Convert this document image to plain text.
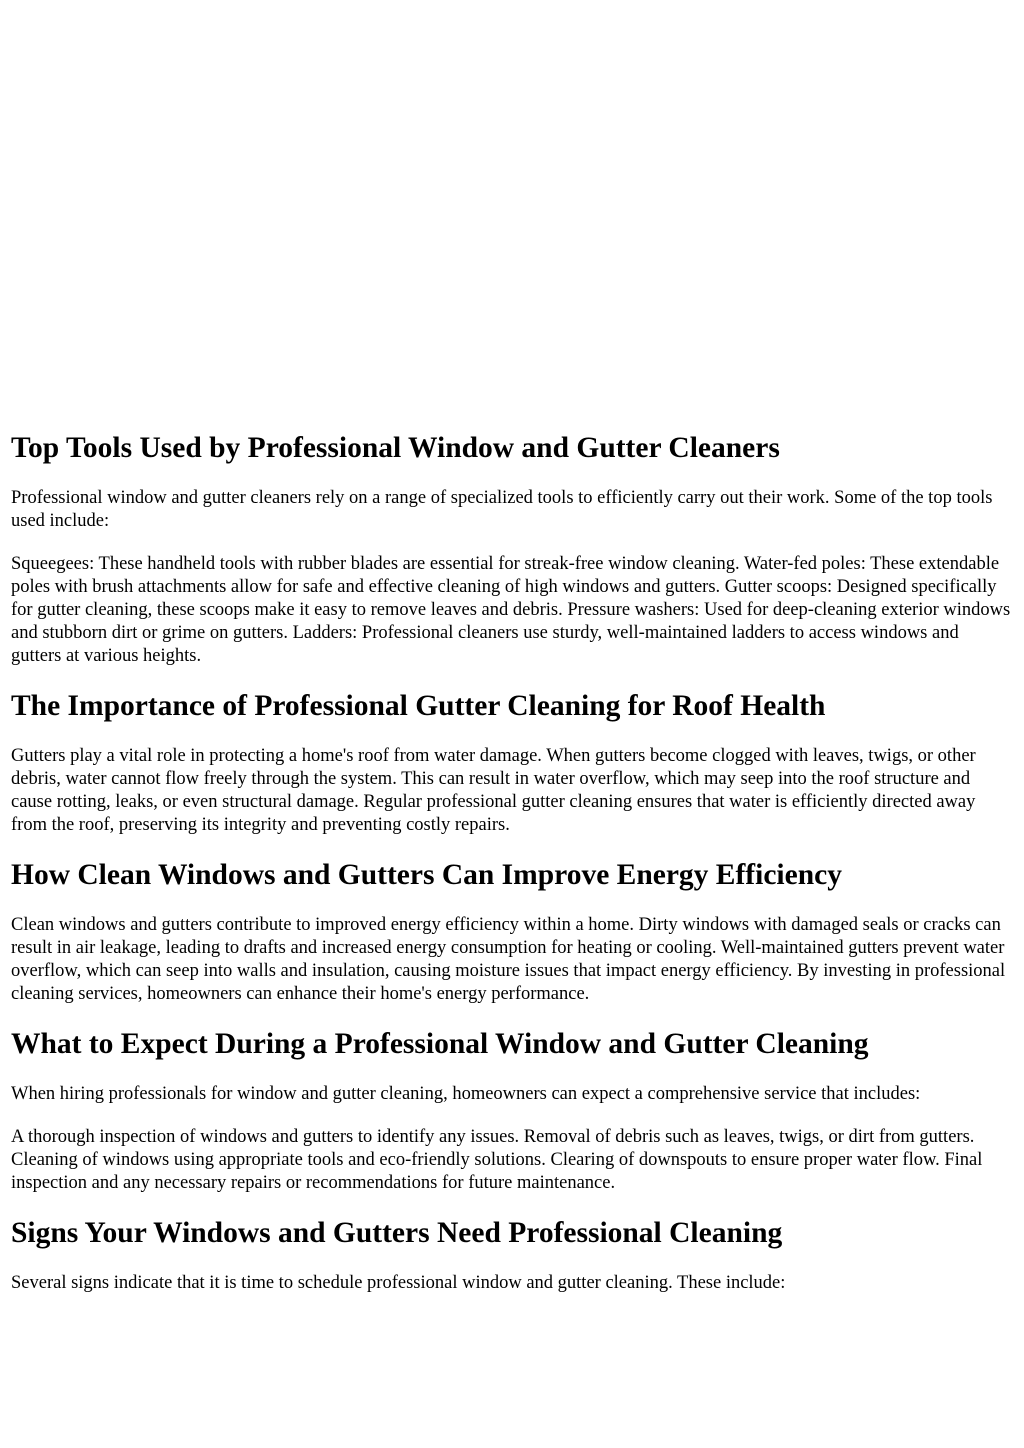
Top Tools Used by Professional Window and Gutter Cleaners

Professional window and gutter cleaners rely on a range of specialized tools to efficiently carry out their work. Some of the top tools used include:

Squeegees: These handheld tools with rubber blades are essential for streak-free window cleaning. Water-fed poles: These extendable poles with brush attachments allow for safe and effective cleaning of high windows and gutters. Gutter scoops: Designed specifically for gutter cleaning, these scoops make it easy to remove leaves and debris. Pressure washers: Used for deep-cleaning exterior windows and stubborn dirt or grime on gutters. Ladders: Professional cleaners use sturdy, well-maintained ladders to access windows and gutters at various heights.

The Importance of Professional Gutter Cleaning for Roof Health

Gutters play a vital role in protecting a home's roof from water damage. When gutters become clogged with leaves, twigs, or other debris, water cannot flow freely through the system. This can result in water overflow, which may seep into the roof structure and cause rotting, leaks, or even structural damage. Regular professional gutter cleaning ensures that water is efficiently directed away from the roof, preserving its integrity and preventing costly repairs.

How Clean Windows and Gutters Can Improve Energy Efficiency

Clean windows and gutters contribute to improved energy efficiency within a home. Dirty windows with damaged seals or cracks can result in air leakage, leading to drafts and increased energy consumption for heating or cooling. Well-maintained gutters prevent water overflow, which can seep into walls and insulation, causing moisture issues that impact energy efficiency. By investing in professional cleaning services, homeowners can enhance their home's energy performance.

What to Expect During a Professional Window and Gutter Cleaning

When hiring professionals for window and gutter cleaning, homeowners can expect a comprehensive service that includes:

A thorough inspection of windows and gutters to identify any issues. Removal of debris such as leaves, twigs, or dirt from gutters. Cleaning of windows using appropriate tools and eco-friendly solutions. Clearing of downspouts to ensure proper water flow. Final inspection and any necessary repairs or recommendations for future maintenance.

Signs Your Windows and Gutters Need Professional Cleaning

Several signs indicate that it is time to schedule professional window and gutter cleaning. These include:
